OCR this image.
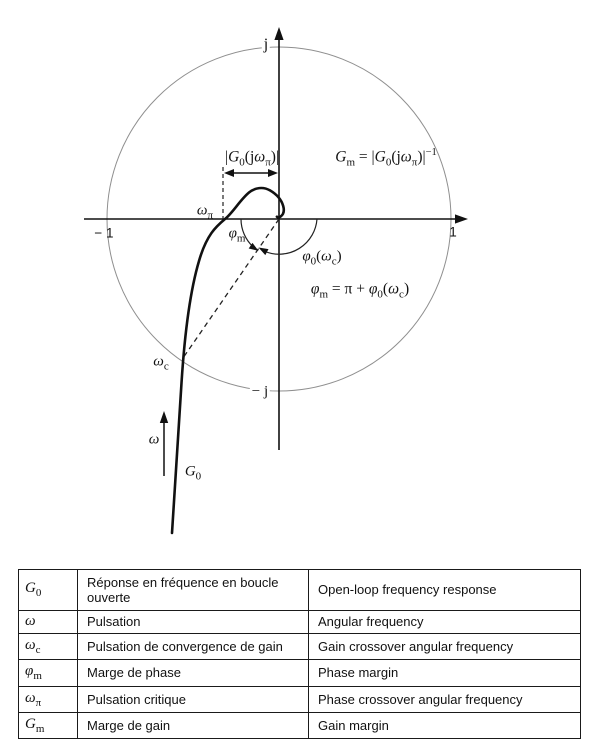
j
− j
− 1	1
$\omega_\pi$
$\omega_c$
ω
$G_0$
$\varphi_m$
$\varphi_0(\omega_c)$
$|G_0(j\omega_\pi)|$	$G_m = |G_0(j\omega_\pi)|^{-1}$
$\varphi_m = \pi + \varphi_0(\omega_c)$
$G_0$	Réponse en fréquence en boucle ouverte	Open-loop frequency response
ω	Pulsation	Angular frequency
$\omega_c$	Pulsation de convergence de gain	Gain crossover angular frequency
$\varphi_m$	Marge de phase	Phase margin
$\omega_\pi$	Pulsation critique	Phase crossover angular frequency
$G_m$	Marge de gain	Gain margin
